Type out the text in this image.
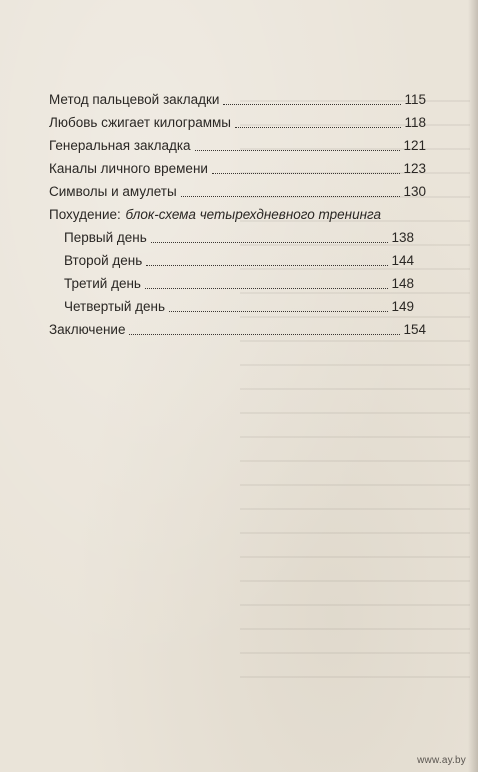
Метод пальцевой закладки	115
Любовь сжигает килограммы	118
Генеральная закладка	121
Каналы личного времени	123
Символы и амулеты	130
Похудение: блок-схема четырехдневного тренинга
Первый день	138
Второй день	144
Третий день	148
Четвертый день	149
Заключение	154
www.ay.by
